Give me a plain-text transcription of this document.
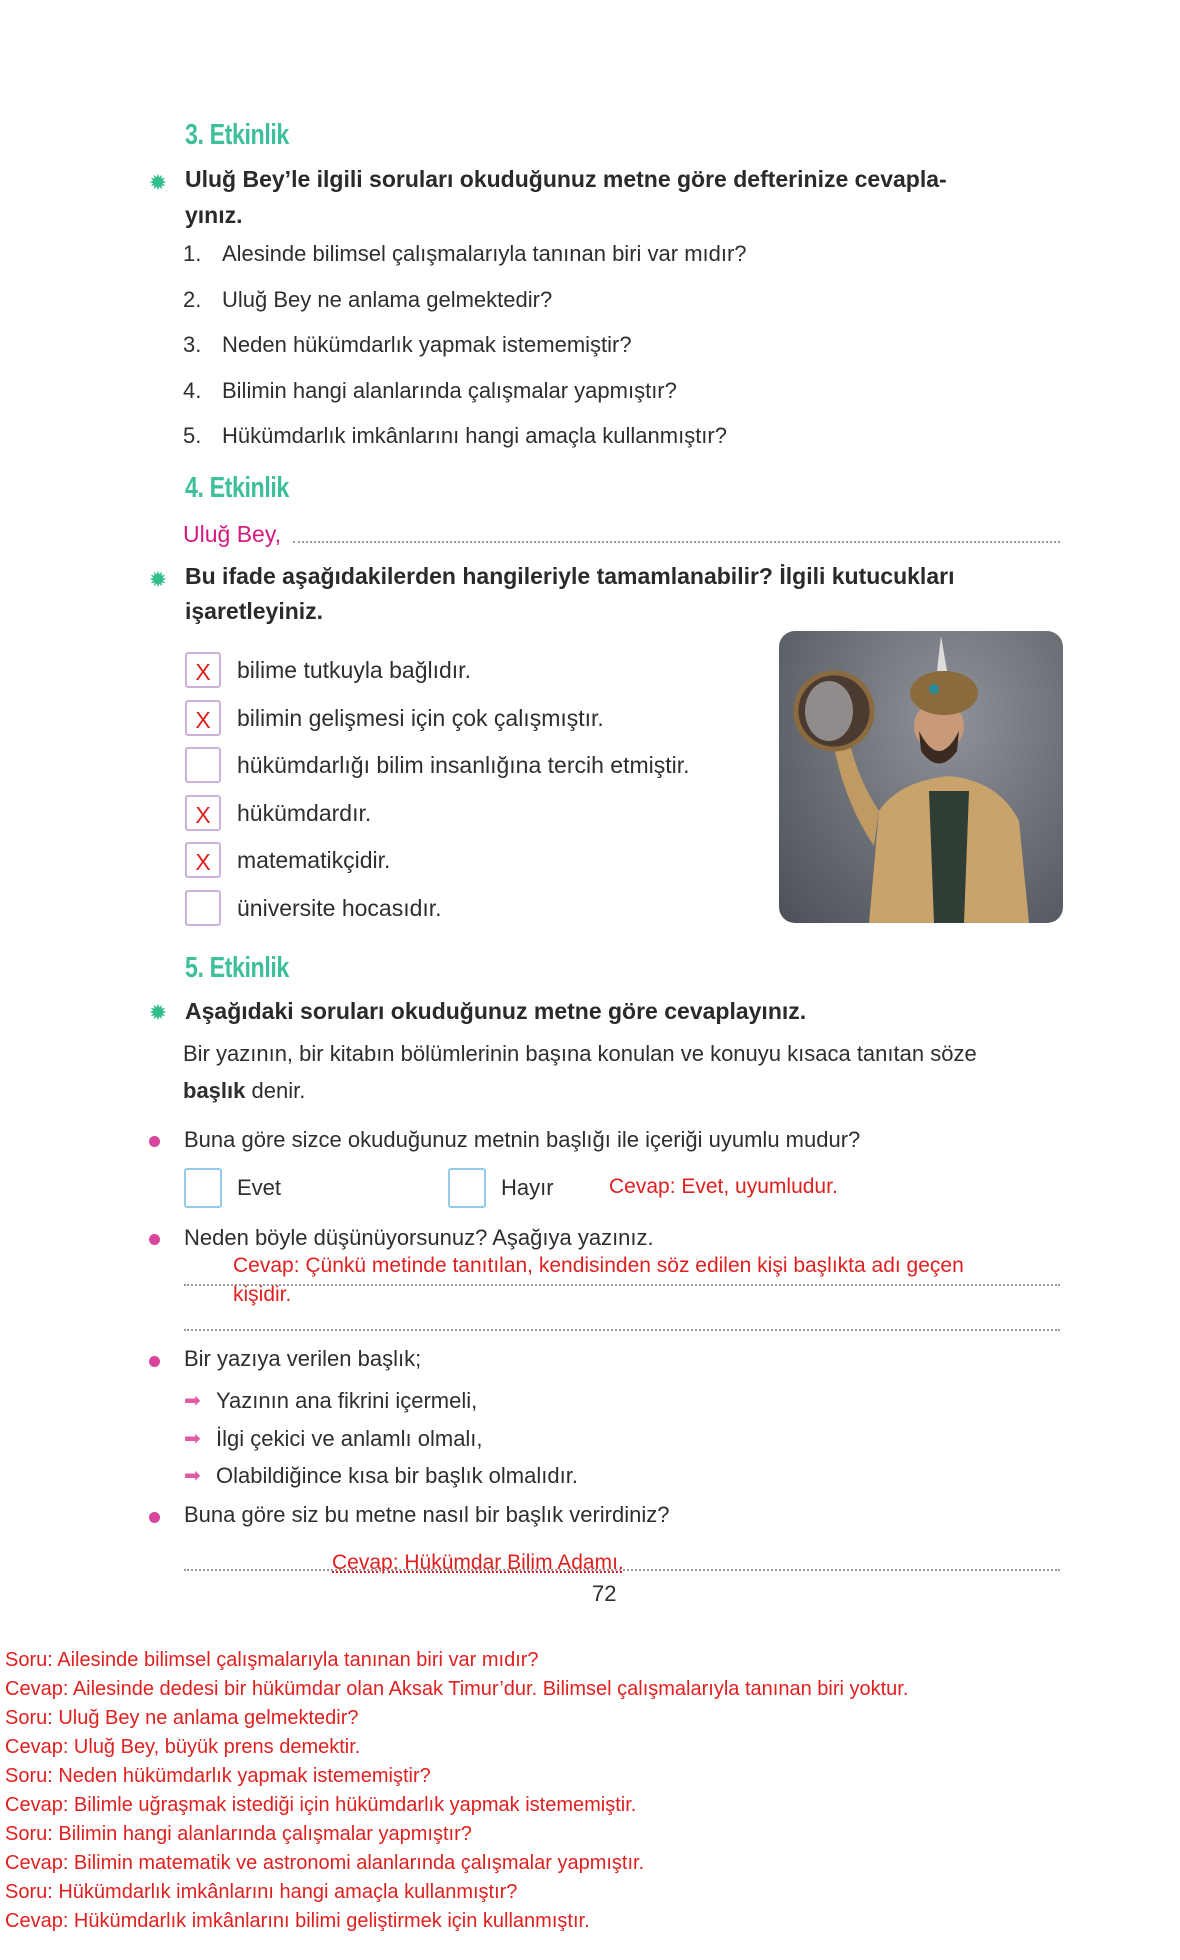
3. Etkinlik
✹ Uluğ Bey’le ilgili soruları okuduğunuz metne göre defterinize cevapla-
yınız.
1. Alesinde bilimsel çalışmalarıyla tanınan biri var mıdır?
2. Uluğ Bey ne anlama gelmektedir?
3. Neden hükümdarlık yapmak istememiştir?
4. Bilimin hangi alanlarında çalışmalar yapmıştır?
5. Hükümdarlık imkânlarını hangi amaçla kullanmıştır?
4. Etkinlik
Uluğ Bey,
✹ Bu ifade aşağıdakilerden hangileriyle tamamlanabilir? İlgili kutucukları
işaretleyiniz.
X	bilime tutkuyla bağlıdır.
X	bilimin gelişmesi için çok çalışmıştır.
hükümdarlığı bilim insanlığına tercih etmiştir.
X	hükümdardır.
X	matematikçidir.
üniversite hocasıdır.
5. Etkinlik
✹ Aşağıdaki soruları okuduğunuz metne göre cevaplayınız.
Bir yazının, bir kitabın bölümlerinin başına konulan ve konuyu kısaca tanıtan söze
başlık denir.
Buna göre sizce okuduğunuz metnin başlığı ile içeriği uyumlu mudur?
Evet	Hayır	Cevap: Evet, uyumludur.
Neden böyle düşünüyorsunuz? Aşağıya yazınız.
Cevap: Çünkü metinde tanıtılan, kendisinden söz edilen kişi başlıkta adı geçen
kişidir.
Bir yazıya verilen başlık;
➡ Yazının ana fikrini içermeli,
➡ İlgi çekici ve anlamlı olmalı,
➡ Olabildiğince kısa bir başlık olmalıdır.
Buna göre siz bu metne nasıl bir başlık verirdiniz?
Cevap: Hükümdar Bilim Adamı.
72
Soru: Ailesinde bilimsel çalışmalarıyla tanınan biri var mıdır?
Cevap: Ailesinde dedesi bir hükümdar olan Aksak Timur’dur. Bilimsel çalışmalarıyla tanınan biri yoktur.
Soru: Uluğ Bey ne anlama gelmektedir?
Cevap: Uluğ Bey, büyük prens demektir.
Soru: Neden hükümdarlık yapmak istememiştir?
Cevap: Bilimle uğraşmak istediği için hükümdarlık yapmak istememiştir.
Soru: Bilimin hangi alanlarında çalışmalar yapmıştır?
Cevap: Bilimin matematik ve astronomi alanlarında çalışmalar yapmıştır.
Soru: Hükümdarlık imkânlarını hangi amaçla kullanmıştır?
Cevap: Hükümdarlık imkânlarını bilimi geliştirmek için kullanmıştır.
